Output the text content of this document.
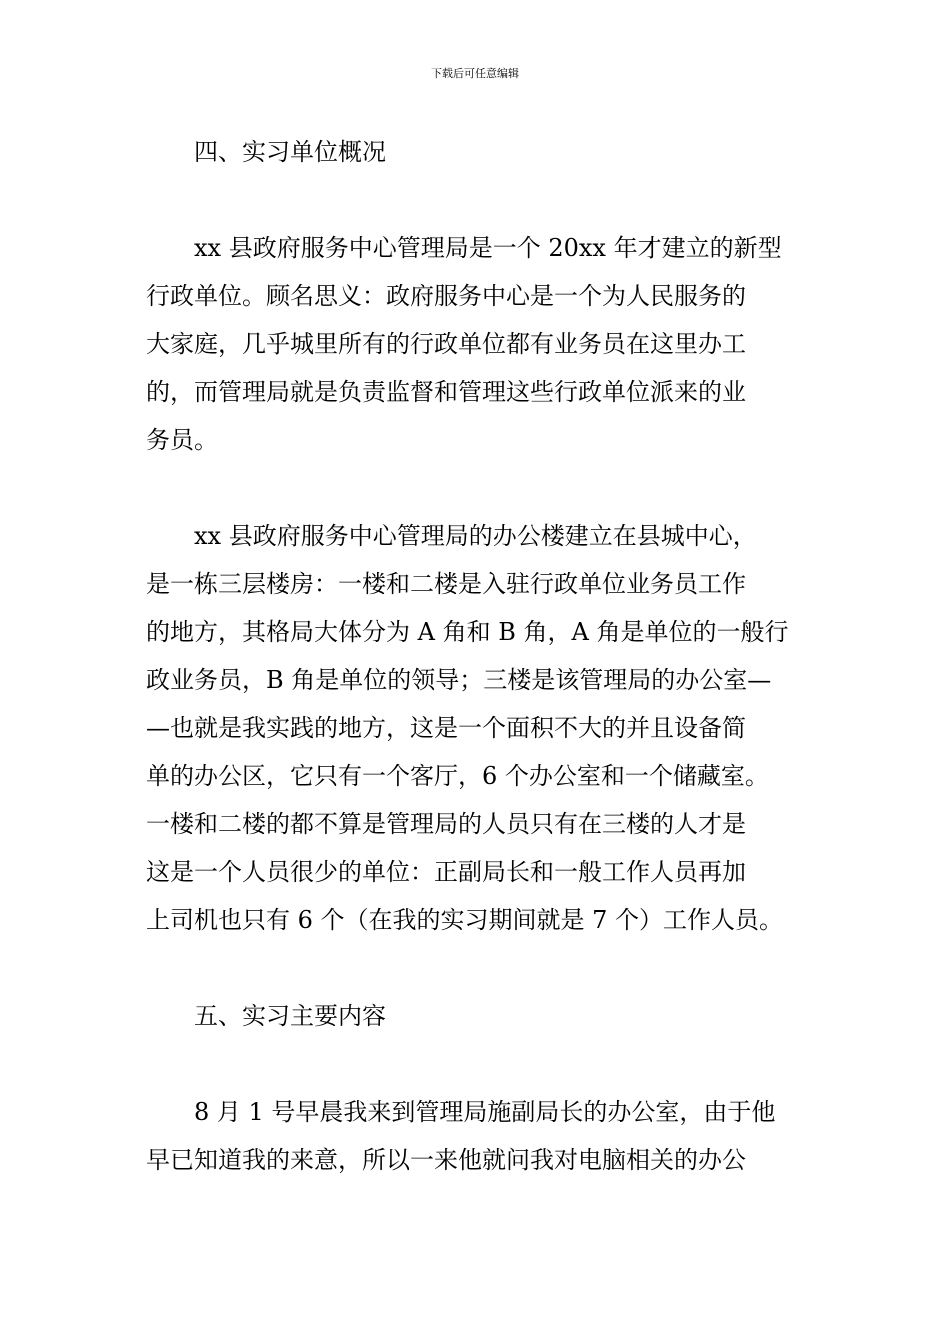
下载后可任意编辑
四、实习单位概况
xx 县政府服务中心管理局是一个 20xx 年才建立的新型
行政单位。顾名思义：政府服务中心是一个为人民服务的
大家庭，几乎城里所有的行政单位都有业务员在这里办工
的，而管理局就是负责监督和管理这些行政单位派来的业
务员。
xx 县政府服务中心管理局的办公楼建立在县城中心，
是一栋三层楼房：一楼和二楼是入驻行政单位业务员工作
的地方，其格局大体分为 A 角和 B 角，A 角是单位的一般行
政业务员，B 角是单位的领导；三楼是该管理局的办公室—
—也就是我实践的地方，这是一个面积不大的并且设备简
单的办公区，它只有一个客厅，6 个办公室和一个储藏室。
一楼和二楼的都不算是管理局的人员只有在三楼的人才是
这是一个人员很少的单位：正副局长和一般工作人员再加
上司机也只有 6 个（在我的实习期间就是 7 个）工作人员。
五、实习主要内容
8 月 1 号早晨我来到管理局施副局长的办公室，由于他
早已知道我的来意，所以一来他就问我对电脑相关的办公
